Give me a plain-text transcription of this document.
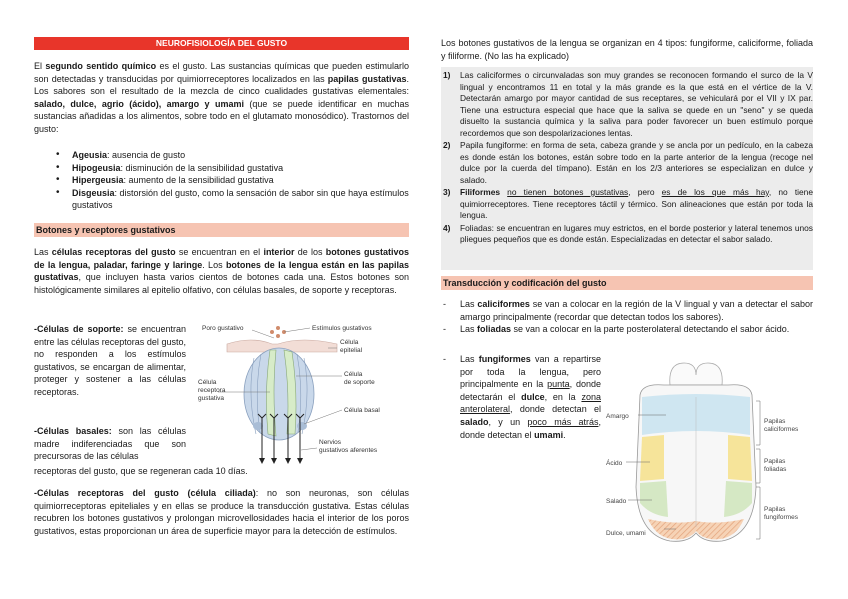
NEUROFISIOLOGÍA DEL GUSTO

El segundo sentido químico es el gusto. Las sustancias químicas que pueden estimularlo son detectadas y transducidas por quimiorreceptores localizados en las papilas gustativas. Los sabores son el resultado de la mezcla de cinco cualidades gustativas elementales: salado, dulce, agrio (ácido), amargo y umami (que se puede identificar en muchas sustancias añadidas a los alimentos, sobre todo en el glutamato monosódico). Trastornos del gusto:

• Ageusia: ausencia de gusto
• Hipogeusia: disminución de la sensibilidad gustativa
• Hipergeusia: aumento de la sensibilidad gustativa
• Disgeusia: distorsión del gusto, como la sensación de sabor sin que haya estímulos gustativos
Botones y receptores gustativos

Las células receptoras del gusto se encuentran en el interior de los botones gustativos de la lengua, paladar, faringe y laringe. Los botones de la lengua están en las papilas gustativas, que incluyen hasta varios cientos de botones cada una. Estos botones son histológicamente similares al epitelio olfativo, con células basales, de soporte y receptoras.

-Células de soporte: se encuentran entre las células receptoras del gusto, no responden a los estímulos gustativos, se encargan de alimentar, proteger y sostener a las células receptoras.

-Células basales: son las células madre indiferenciadas que son precursoras de las células

receptoras del gusto, que se regeneran cada 10 días.

-Células receptoras del gusto (célula ciliada): no son neuronas, son células quimiorreceptoras epiteliales y en ellas se produce la transducción gustativa. Estas células recubren los botones gustativos y prolongan microvellosidades hacia el interior de los poros gustativos, estas proporcionan un área de superficie mayor para la detección de estímulos.

Poro gustativo	Estímulos gustativos
Célula
epitelial
Célula
de soporte
Célula
receptora
gustativa
Célula basal
Nervios
gustativos aferentes

Los botones gustativos de la lengua se organizan en 4 tipos: fungiforme, caliciforme, foliada y filiforme. (No las ha explicado)

1) Las caliciformes o circunvaladas son muy grandes se reconocen formando el surco de la V lingual y encontramos 11 en total y la más grande es la que está en el vértice de la V. Detectarán amargo por mayor cantidad de sus receptares, se vehiculará por el VII y IX par. Tiene una estructura especial que hace que la saliva se quede en un "seno" y se queda disuelto la sustancia química y la saliva para poder favorecer un buen estímulo porque recordemos que son despolarizaciones lentas.
2) Papila fungiforme: en forma de seta, cabeza grande y se ancla por un pedículo, en la cabeza es donde están los botones, están sobre todo en la parte anterior de la lengua (recoge nel dulce por la cuerda del tímpano). Están en los 2/3 anteriores se especializan en dulce y salado.
3) Filiformes no tienen botones gustativas, pero es de los que más hay, no tiene quimiorreceptores. Tiene receptores táctil y térmico. Son alineaciones que están por toda la lengua.
4) Foliadas: se encuentran en lugares muy estrictos, en el borde posterior y lateral tenemos unos pliegues pequeños que es donde están. Especializadas en detectar el sabor salado.
Transducción y codificación del gusto
- Las caliciformes se van a colocar en la región de la V lingual y van a detectar el sabor amargo principalmente (recordar que detectan todos los sabores).
- Las foliadas se van a colocar en la parte posterolateral detectando el sabor ácido.
- Las fungiformes van a repartirse por toda la lengua, pero principalmente en la punta, donde detectarán el dulce, en la zona anterolateral, donde detectan el salado, y un poco más atrás, donde detectan el umami.
Amargo
Ácido
Salado
Dulce, umami
Papilas
caliciformes
Papilas
foliadas
Papilas
fungiformes
